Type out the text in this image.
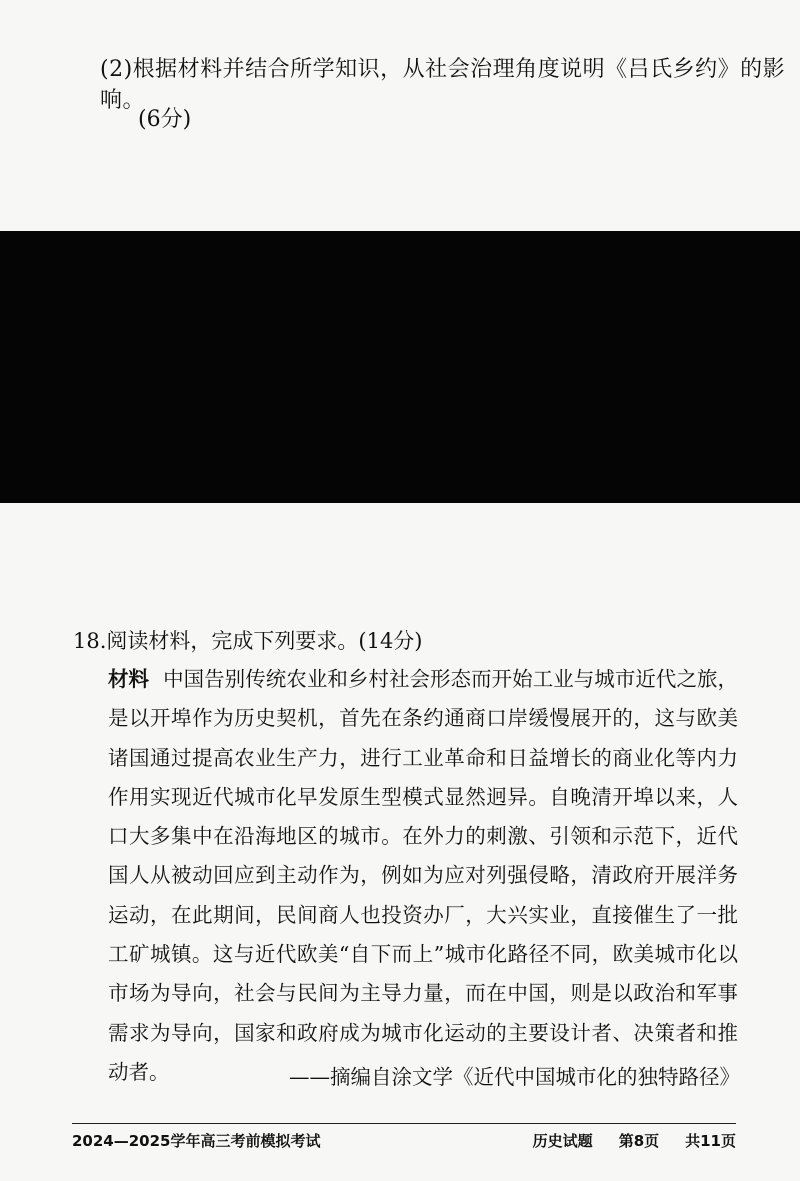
(2)根据材料并结合所学知识，从社会治理角度说明《吕氏乡约》的影响。
(6分)
18.阅读材料，完成下列要求。(14分)
材料 中国告别传统农业和乡村社会形态而开始工业与城市近代之旅，是以开埠作为历史契机，首先在条约通商口岸缓慢展开的，这与欧美诸国通过提高农业生产力，进行工业革命和日益增长的商业化等内力作用实现近代城市化早发原生型模式显然迥异。自晚清开埠以来，人口大多集中在沿海地区的城市。在外力的刺激、引领和示范下，近代国人从被动回应到主动作为，例如为应对列强侵略，清政府开展洋务运动，在此期间，民间商人也投资办厂，大兴实业，直接催生了一批工矿城镇。这与近代欧美“自下而上”城市化路径不同，欧美城市化以市场为导向，社会与民间为主导力量，而在中国，则是以政治和军事需求为导向，国家和政府成为城市化运动的主要设计者、决策者和推动者。	——摘编自涂文学《近代中国城市化的独特路径》
2024—2025学年高三考前模拟考试	历史试题 第8页 共11页
